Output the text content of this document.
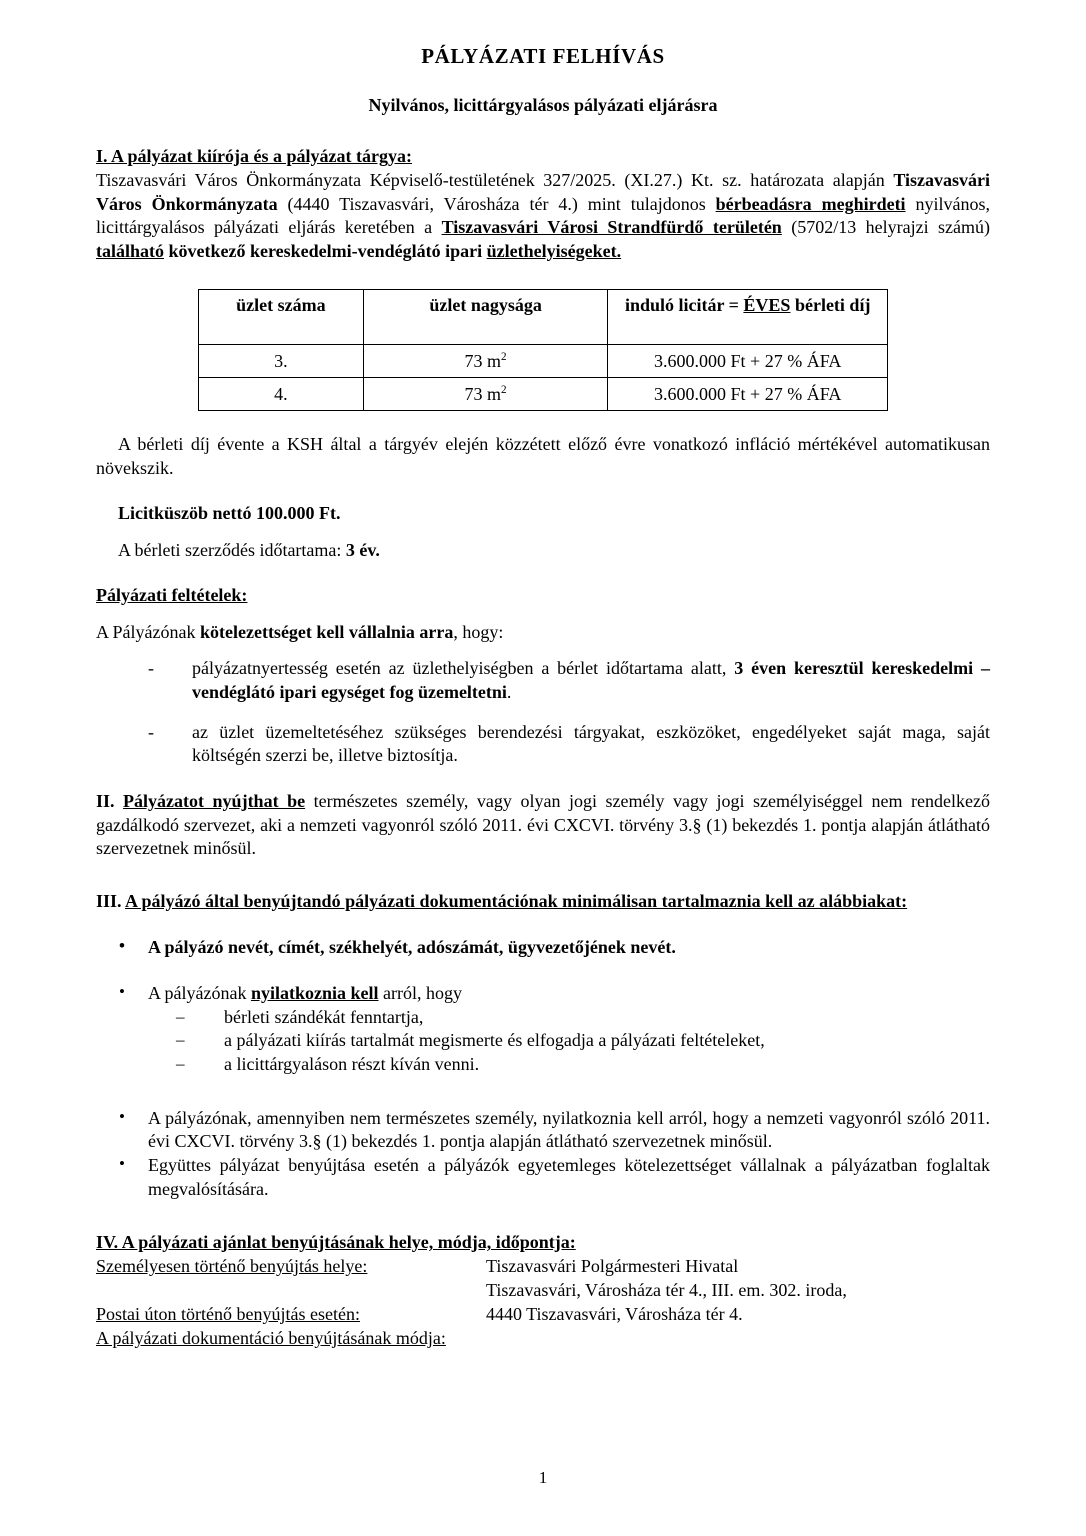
PÁLYÁZATI FELHÍVÁS
Nyilvános, licittárgyalásos pályázati eljárásra
I. A pályázat kiírója és a pályázat tárgya:

Tiszavasvári Város Önkormányzata Képviselő-testületének 327/2025. (XI.27.) Kt. sz. határozata alapján Tiszavasvári Város Önkormányzata (4440 Tiszavasvári, Városháza tér 4.) mint tulajdonos bérbeadásra meghirdeti nyilvános, licittárgyalásos pályázati eljárás keretében a Tiszavasvári Városi Strandfürdő területén (5702/13 helyrajzi számú) található következő kereskedelmi-vendéglátó ipari üzlethelyiségeket.

üzlet száma	üzlet nagysága	induló licitár = ÉVES bérleti díj
3.	73 $m^2$	3.600.000 Ft + 27 % ÁFA
4.	73 $m^2$	3.600.000 Ft + 27 % ÁFA

A bérleti díj évente a KSH által a tárgyév elején közzétett előző évre vonatkozó infláció mértékével automatikusan növekszik.

Licitküszöb nettó 100.000 Ft.

A bérleti szerződés időtartama: 3 év.

Pályázati feltételek:

A Pályázónak kötelezettséget kell vállalnia arra, hogy:

- pályázatnyertesség esetén az üzlethelyiségben a bérlet időtartama alatt, 3 éven keresztül kereskedelmi – vendéglátó ipari egységet fog üzemeltetni.
- az üzlet üzemeltetéséhez szükséges berendezési tárgyakat, eszközöket, engedélyeket saját maga, saját költségén szerzi be, illetve biztosítja.

II. Pályázatot nyújthat be természetes személy, vagy olyan jogi személy vagy jogi személyiséggel nem rendelkező gazdálkodó szervezet, aki a nemzeti vagyonról szóló 2011. évi CXCVI. törvény 3.§ (1) bekezdés 1. pontja alapján átlátható szervezetnek minősül.

III. A pályázó által benyújtandó pályázati dokumentációnak minimálisan tartalmaznia kell az alábbiakat:

• A pályázó nevét, címét, székhelyét, adószámát, ügyvezetőjének nevét.
• A pályázónak nyilatkoznia kell arról, hogy
– bérleti szándékát fenntartja,
– a pályázati kiírás tartalmát megismerte és elfogadja a pályázati feltételeket,
– a licittárgyaláson részt kíván venni.
• A pályázónak, amennyiben nem természetes személy, nyilatkoznia kell arról, hogy a nemzeti vagyonról szóló 2011. évi CXCVI. törvény 3.§ (1) bekezdés 1. pontja alapján átlátható szervezetnek minősül.
• Együttes pályázat benyújtása esetén a pályázók egyetemleges kötelezettséget vállalnak a pályázatban foglaltak megvalósítására.
IV. A pályázati ajánlat benyújtásának helye, módja, időpontja:
Személyesen történő benyújtás helye:	Tiszavasvári Polgármesteri Hivatal
Tiszavasvári, Városháza tér 4., III. em. 302. iroda,
Postai úton történő benyújtás esetén:	4440 Tiszavasvári, Városháza tér 4.
A pályázati dokumentáció benyújtásának módja:
1
